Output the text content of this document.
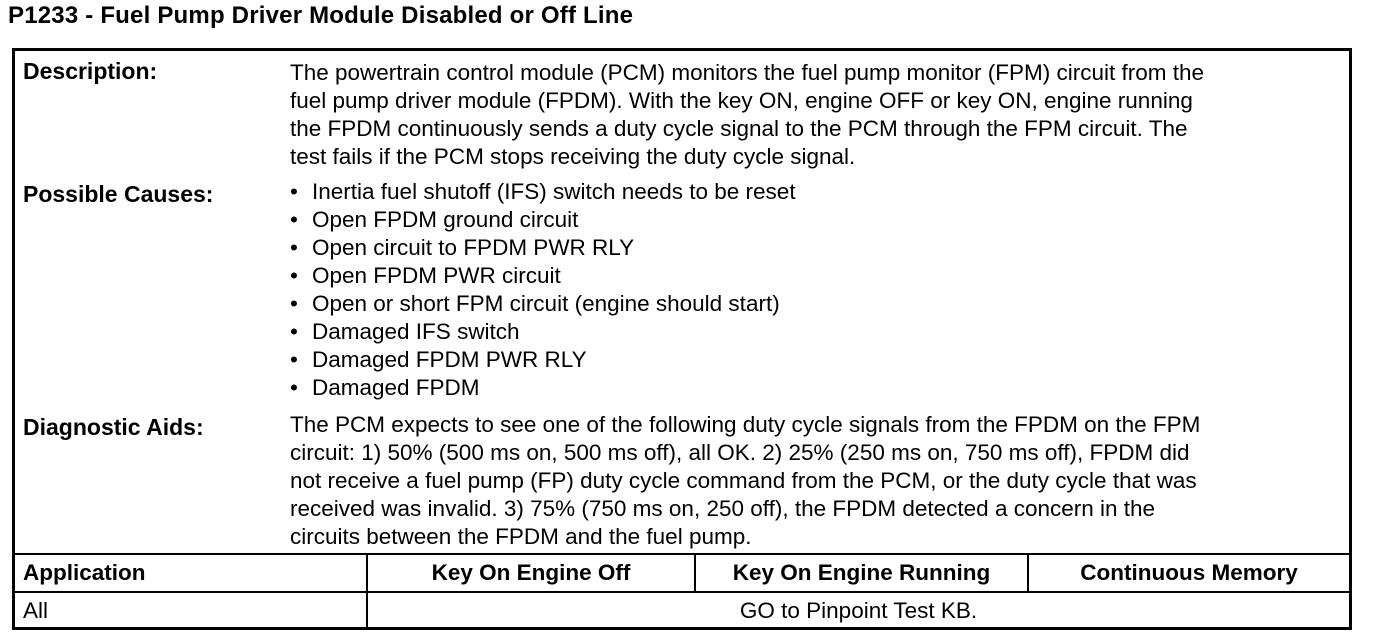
P1233 - Fuel Pump Driver Module Disabled or Off Line
Description:	The powertrain control module (PCM) monitors the fuel pump monitor (FPM) circuit from the
fuel pump driver module (FPDM). With the key ON, engine OFF or key ON, engine running
the FPDM continuously sends a duty cycle signal to the PCM through the FPM circuit. The
test fails if the PCM stops receiving the duty cycle signal.
Possible Causes:	• Inertia fuel shutoff (IFS) switch needs to be reset
• Open FPDM ground circuit
• Open circuit to FPDM PWR RLY
• Open FPDM PWR circuit
• Open or short FPM circuit (engine should start)
• Damaged IFS switch
• Damaged FPDM PWR RLY
• Damaged FPDM
Diagnostic Aids:	The PCM expects to see one of the following duty cycle signals from the FPDM on the FPM
circuit: 1) 50% (500 ms on, 500 ms off), all OK. 2) 25% (250 ms on, 750 ms off), FPDM did
not receive a fuel pump (FP) duty cycle command from the PCM, or the duty cycle that was
received was invalid. 3) 75% (750 ms on, 250 off), the FPDM detected a concern in the
circuits between the FPDM and the fuel pump.
Application	Key On Engine Off	Key On Engine Running	Continuous Memory
All	GO to Pinpoint Test KB.		
